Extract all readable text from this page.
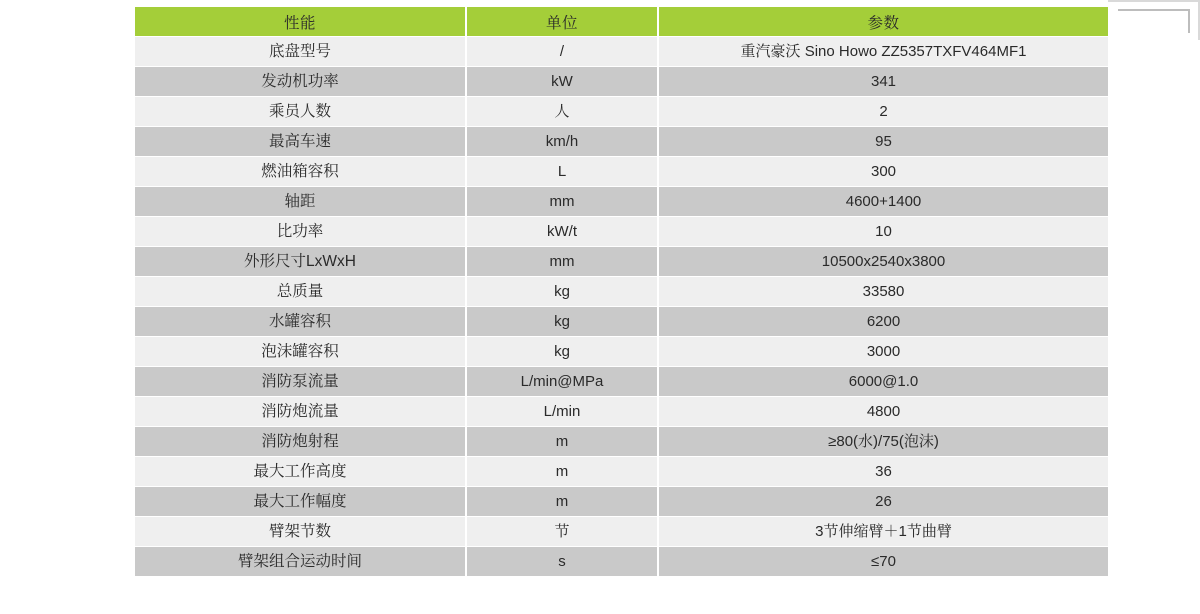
性能	单位	参数
底盘型号	/	重汽豪沃 Sino Howo ZZ5357TXFV464MF1
发动机功率	kW	341
乘员人数	人	2
最高车速	km/h	95
燃油箱容积	L	300
轴距	mm	4600+1400
比功率	kW/t	10
外形尺寸LxWxH	mm	10500x2540x3800
总质量	kg	33580
水罐容积	kg	6200
泡沫罐容积	kg	3000
消防泵流量	L/min@MPa	6000@1.0
消防炮流量	L/min	4800
消防炮射程	m	≥80(水)/75(泡沫)
最大工作高度	m	36
最大工作幅度	m	26
臂架节数	节	3节伸缩臂＋1节曲臂
臂架组合运动时间	s	≤70
